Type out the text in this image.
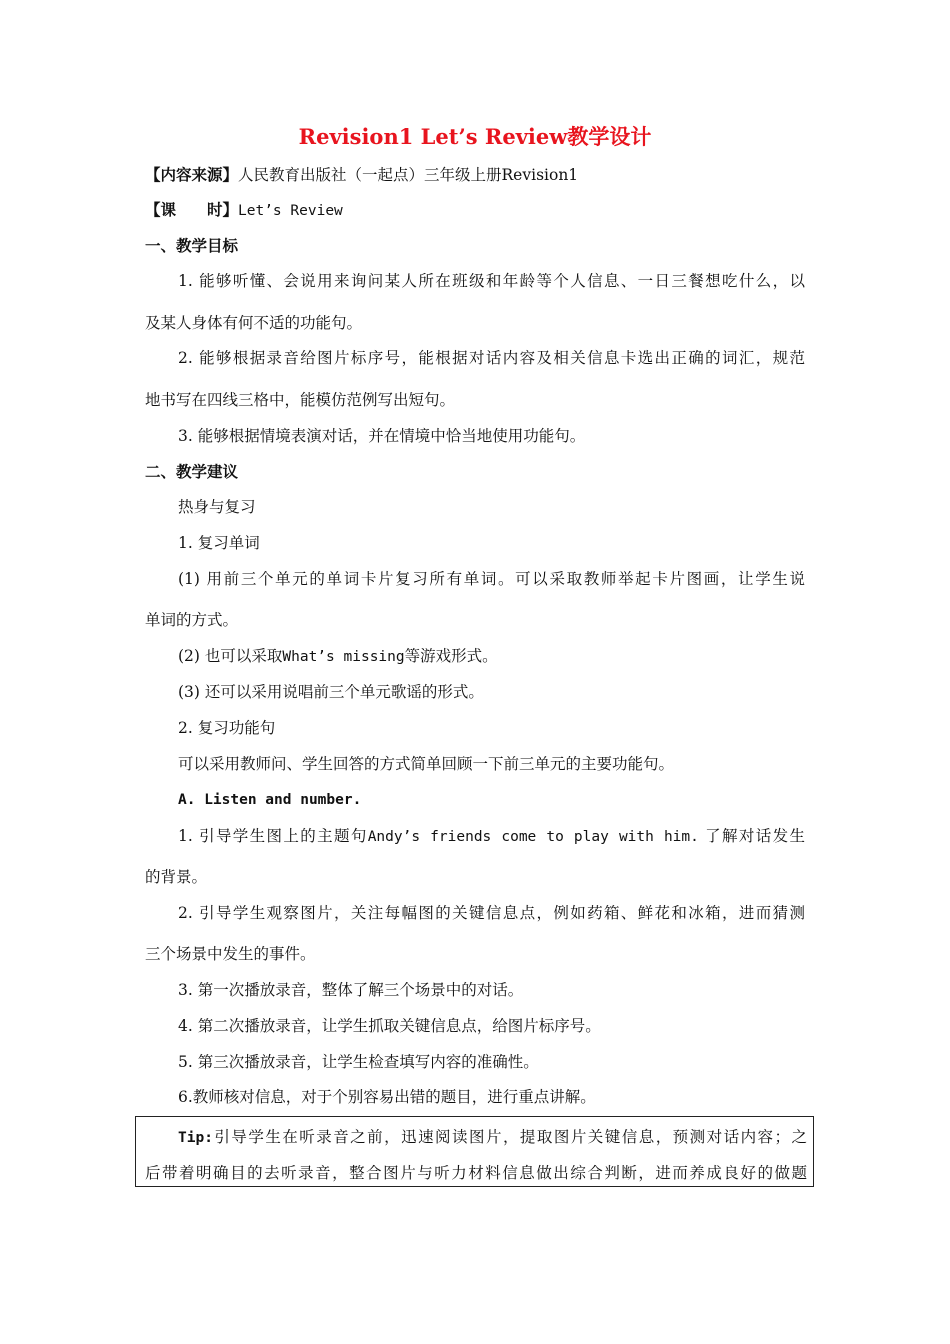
Revision1 Let’s Review教学设计
【内容来源】人民教育出版社（一起点）三年级上册Revision1
【课　　时】Let’s Review
一、教学目标
1. 能够听懂、会说用来询问某人所在班级和年龄等个人信息、一日三餐想吃什么，以
及某人身体有何不适的功能句。
2. 能够根据录音给图片标序号，能根据对话内容及相关信息卡选出正确的词汇，规范
地书写在四线三格中，能模仿范例写出短句。
3. 能够根据情境表演对话，并在情境中恰当地使用功能句。
二、教学建议
热身与复习
1. 复习单词
(1) 用前三个单元的单词卡片复习所有单词。可以采取教师举起卡片图画，让学生说
单词的方式。
(2) 也可以采取What’s missing等游戏形式。
(3) 还可以采用说唱前三个单元歌谣的形式。
2. 复习功能句
可以采用教师问、学生回答的方式简单回顾一下前三单元的主要功能句。
A. Listen and number.
1. 引导学生图上的主题句Andy’s friends come to play with him. 了解对话发生
的背景。
2. 引导学生观察图片，关注每幅图的关键信息点，例如药箱、鲜花和冰箱，进而猜测
三个场景中发生的事件。
3. 第一次播放录音，整体了解三个场景中的对话。
4. 第二次播放录音，让学生抓取关键信息点，给图片标序号。
5. 第三次播放录音，让学生检查填写内容的准确性。
6.教师核对信息，对于个别容易出错的题目，进行重点讲解。
Tip:引导学生在听录音之前，迅速阅读图片，提取图片关键信息，预测对话内容；之
后带着明确目的去听录音，整合图片与听力材料信息做出综合判断，进而养成良好的做题
